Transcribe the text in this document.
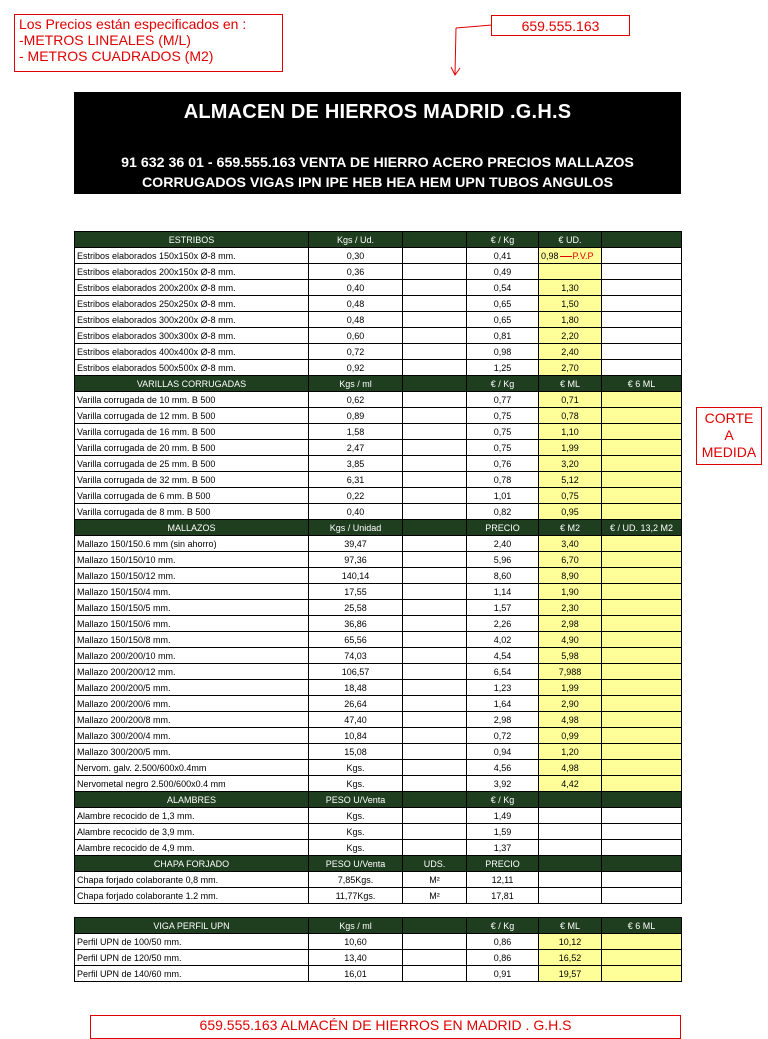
Los Precios están especificados en :
-METROS LINEALES (M/L)
- METROS CUADRADOS (M2)
659.555.163
ALMACEN DE HIERROS MADRID .G.H.S
91 632 36 01 - 659.555.163 VENTA DE HIERRO ACERO PRECIOS MALLAZOS
CORRUGADOS VIGAS IPN IPE HEB HEA HEM UPN TUBOS ANGULOS
ESTRIBOS	Kgs / Ud.		€ / Kg	€ UD.	
Estribos elaborados 150x150x Ø-8 mm.	0,30		0,41	0,98 P.V.P	
Estribos elaborados 200x150x Ø-8 mm.	0,36		0,49		
Estribos elaborados 200x200x Ø-8 mm.	0,40		0,54	1,30	
Estribos elaborados 250x250x Ø-8 mm.	0,48		0,65	1,50	
Estribos elaborados 300x200x Ø-8 mm.	0,48		0,65	1,80	
Estribos elaborados 300x300x Ø-8 mm.	0,60		0,81	2,20	
Estribos elaborados 400x400x Ø-8 mm.	0,72		0,98	2,40	
Estribos elaborados 500x500x Ø-8 mm.	0,92		1,25	2,70	
VARILLAS CORRUGADAS	Kgs / ml		€ / Kg	€ ML	€ 6 ML
Varilla corrugada de 10 mm. B 500	0,62		0,77	0,71	
Varilla corrugada de 12 mm. B 500	0,89		0,75	0,78	
Varilla corrugada de 16 mm. B 500	1,58		0,75	1,10	
Varilla corrugada de 20 mm. B 500	2,47		0,75	1,99	
Varilla corrugada de 25 mm. B 500	3,85		0,76	3,20	
Varilla corrugada de 32 mm. B 500	6,31		0,78	5,12	
Varilla corrugada de 6 mm. B 500	0,22		1,01	0,75	
Varilla corrugada de 8 mm. B 500	0,40		0,82	0,95	
MALLAZOS	Kgs / Unidad		PRECIO	€ M2	€ / UD. 13,2 M2
Mallazo 150/150.6 mm (sin ahorro)	39,47		2,40	3,40	
Mallazo 150/150/10 mm.	97,36		5,96	6,70	
Mallazo 150/150/12 mm.	140,14		8,60	8,90	
Mallazo 150/150/4 mm.	17,55		1,14	1,90	
Mallazo 150/150/5 mm.	25,58		1,57	2,30	
Mallazo 150/150/6 mm.	36,86		2,26	2,98	
Mallazo 150/150/8 mm.	65,56		4,02	4,90	
Mallazo 200/200/10 mm.	74,03		4,54	5,98	
Mallazo 200/200/12 mm.	106,57		6,54	7,988	
Mallazo 200/200/5 mm.	18,48		1,23	1,99	
Mallazo 200/200/6 mm.	26,64		1,64	2,90	
Mallazo 200/200/8 mm.	47,40		2,98	4,98	
Mallazo 300/200/4 mm.	10,84		0,72	0,99	
Mallazo 300/200/5 mm.	15,08		0,94	1,20	
Nervom. galv. 2.500/600x0.4mm	Kgs.		4,56	4,98	
Nervometal negro 2.500/600x0.4 mm	Kgs.		3,92	4,42	
ALAMBRES	PESO U/Venta		€ / Kg		
Alambre recocido de 1,3 mm.	Kgs.		1,49		
Alambre recocido de 3,9 mm.	Kgs.		1,59		
Alambre recocido de 4,9 mm.	Kgs.		1,37		
CHAPA FORJADO	PESO U/Venta	UDS.	PRECIO		
Chapa forjado colaborante 0,8 mm.	7,85Kgs.	M²	12,11		
Chapa forjado colaborante 1.2 mm.	11,77Kgs.	M²	17,81		
VIGA PERFIL UPN	Kgs / ml		€ / Kg	€ ML	€ 6 ML
Perfil UPN de 100/50 mm.	10,60		0,86	10,12	
Perfil UPN de 120/50 mm.	13,40		0,86	16,52	
Perfil UPN de 140/60 mm.	16,01		0,91	19,57	
CORTE
A
MEDIDA
659.555.163 ALMACÉN DE HIERROS EN MADRID . G.H.S
